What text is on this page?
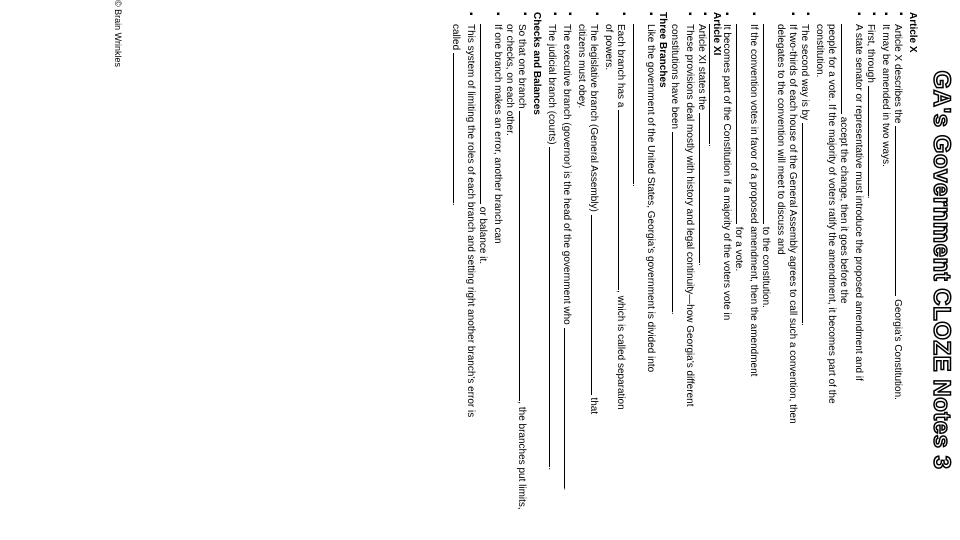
© Brain Wrinkles
GA's Government CLOZE Notes 3
Article X
▪ Article X describes the  Georgia's Constitution.
▪ It may be amended in two ways.
▪ First, through .
▪ A state senator or representative must introduce the proposed amendment and if
accept the change, then it goes before the
people for a vote. If the majority of voters ratify the amendment, it becomes part of the
constitution.
▪ The second way is by .
▪ If two-thirds of each house of the General Assembly agrees to call such a convention, then
delegates to the convention will meet to discuss and
to the constitution.
▪ If the convention votes in favor of a proposed amendment, then the amendment
for a vote.
▪ It becomes part of the Constitution if a majority of the voters vote in
.
Article XI
▪ Article XI states the .
▪ These provisions deal mostly with history and legal continuity—how Georgia's different
constitutions have been .
Three Branches
▪ Like the government of the United States, Georgia's government is divided into
.
▪ Each branch has a , which is called separation
of powers.
▪ The legislative branch (General Assembly)  that
citizens must obey.
▪ The executive branch (governor) is the head of the government who .
▪ The judicial branch (courts) .
Checks and Balances
▪ So that one branch , the branches put limits,
or checks, on each other.
▪ If one branch makes an error, another branch can
or balance it.
▪ This system of limiting the roles of each branch and setting right another branch's error is
called .
